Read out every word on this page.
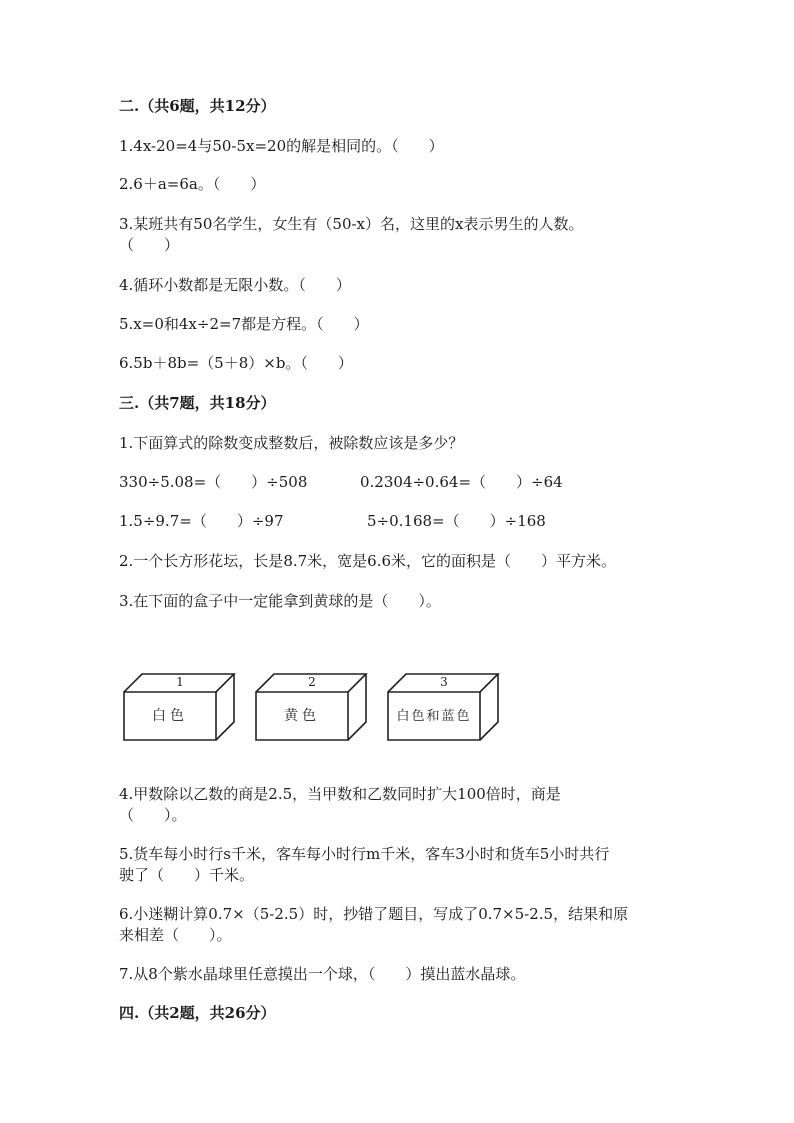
二.（共6题，共12分）
1.4x-20=4与50-5x=20的解是相同的。（　　）
2.6＋a=6a。（　　）
3.某班共有50名学生，女生有（50-x）名，这里的x表示男生的人数。
（　　）
4.循环小数都是无限小数。（　　）
5.x=0和4x÷2=7都是方程。（　　）
6.5b＋8b=（5＋8）×b。（　　）
三.（共7题，共18分）
1.下面算式的除数变成整数后，被除数应该是多少？
330÷5.08=（　　）÷508	0.2304÷0.64=（　　）÷64
1.5÷9.7=（　　）÷97	5÷0.168=（　　）÷168
2.一个长方形花坛，长是8.7米，宽是6.6米，它的面积是（　　）平方米。
3.在下面的盒子中一定能拿到黄球的是（　　）。
1
白色
2
黄色
3
白色和蓝色
4.甲数除以乙数的商是2.5，当甲数和乙数同时扩大100倍时，商是
（　　）。
5.货车每小时行s千米，客车每小时行m千米，客车3小时和货车5小时共行
驶了（　　）千米。
6.小迷糊计算0.7×（5-2.5）时，抄错了题目，写成了0.7×5-2.5，结果和原
来相差（　　）。
7.从8个紫水晶球里任意摸出一个球，（　　）摸出蓝水晶球。
四.（共2题，共26分）
